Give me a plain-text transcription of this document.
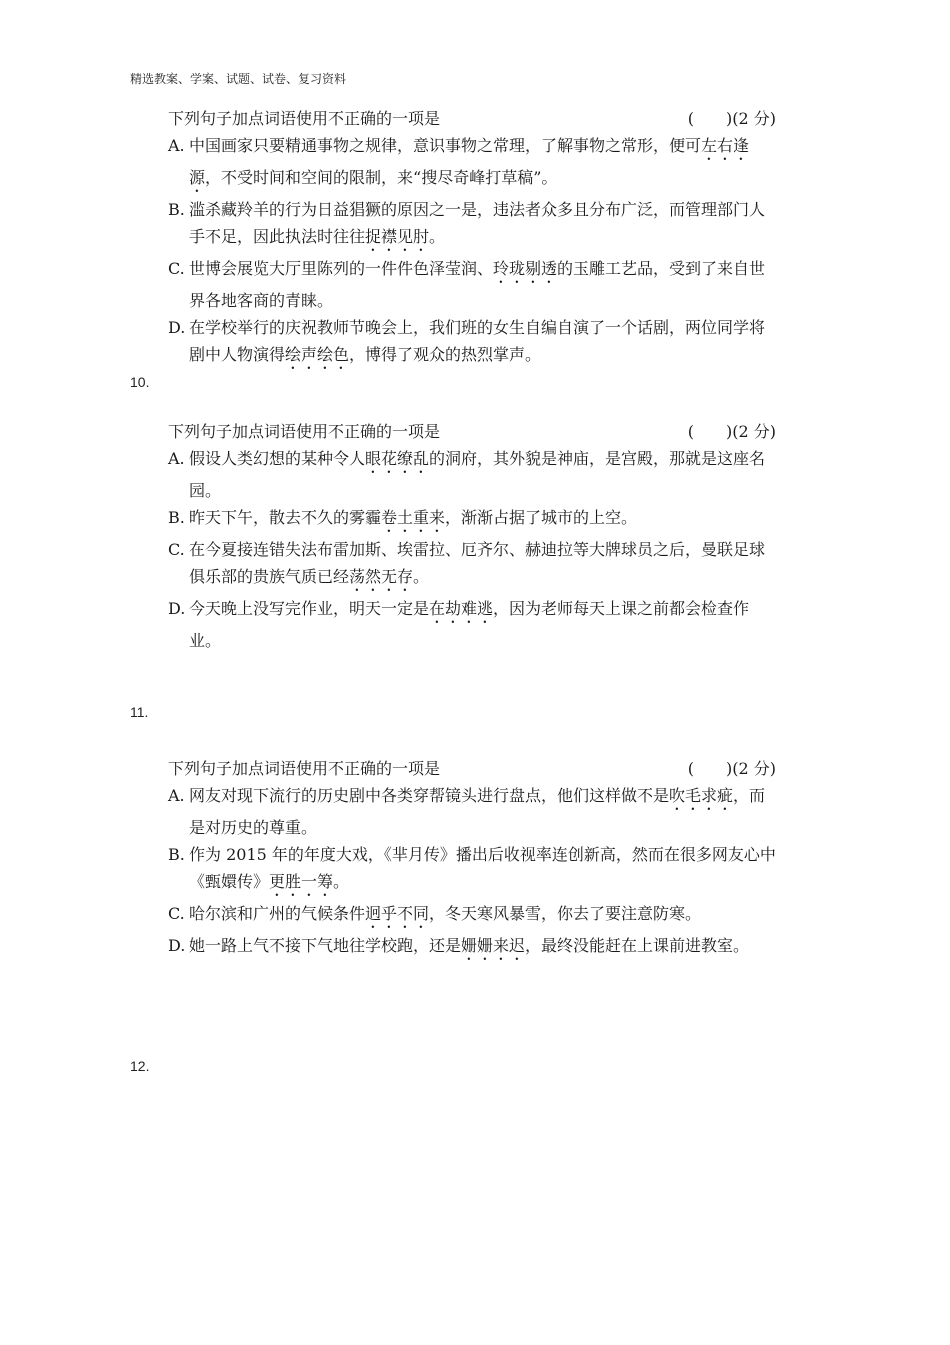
精选教案、学案、试题、试卷、复习资料
下列句子加点词语使用不正确的一项是	(　　)(2 分)
A. 中国画家只要精通事物之规律，意识事物之常理，了解事物之常形，便可左右逢源，不受时间和空间的限制，来“搜尽奇峰打草稿”。
B. 滥杀藏羚羊的行为日益猖獗的原因之一是，违法者众多且分布广泛，而管理部门人手不足，因此执法时往往捉襟见肘。
C. 世博会展览大厅里陈列的一件件色泽莹润、玲珑剔透的玉雕工艺品，受到了来自世界各地客商的青睐。
D. 在学校举行的庆祝教师节晚会上，我们班的女生自编自演了一个话剧，两位同学将剧中人物演得绘声绘色，博得了观众的热烈掌声。
10.
下列句子加点词语使用不正确的一项是	(　　)(2 分)
A. 假设人类幻想的某种令人眼花缭乱的洞府，其外貌是神庙，是宫殿，那就是这座名园。
B. 昨天下午，散去不久的雾霾卷土重来，渐渐占据了城市的上空。
C. 在今夏接连错失法布雷加斯、埃雷拉、厄齐尔、赫迪拉等大牌球员之后，曼联足球俱乐部的贵族气质已经荡然无存。
D. 今天晚上没写完作业，明天一定是在劫难逃，因为老师每天上课之前都会检查作业。
11.
下列句子加点词语使用不正确的一项是	(　　)(2 分)
A. 网友对现下流行的历史剧中各类穿帮镜头进行盘点，他们这样做不是吹毛求疵，而是对历史的尊重。
B. 作为 2015 年的年度大戏，《芈月传》播出后收视率连创新高，然而在很多网友心中《甄嬛传》更胜一筹。
C. 哈尔滨和广州的气候条件迥乎不同，冬天寒风暴雪，你去了要注意防寒。
D. 她一路上气不接下气地往学校跑，还是姗姗来迟，最终没能赶在上课前进教室。
12.
